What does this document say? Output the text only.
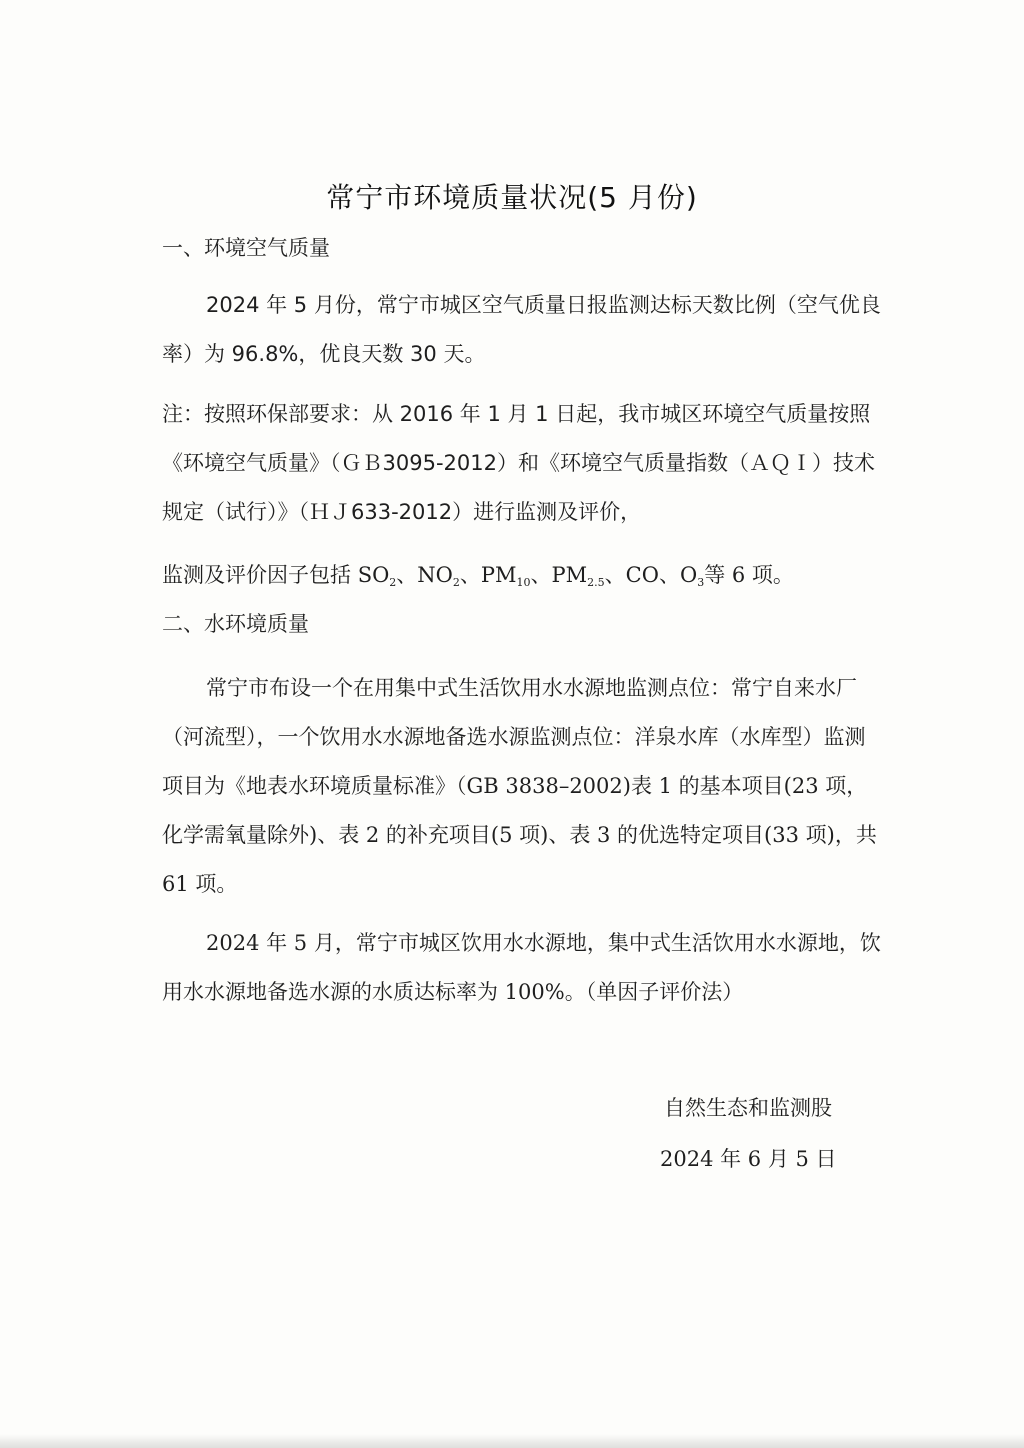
常宁市环境质量状况(5 月份)
一、环境空气质量
2024 年 5 月份，常宁市城区空气质量日报监测达标天数比例（空气优良率）为 96.8%，优良天数 30 天。
注：按照环保部要求：从 2016 年 1 月 1 日起，我市城区环境空气质量按照《环境空气质量》（ＧＢ3095-2012）和《环境空气质量指数（ＡＱＩ）技术规定（试行）》（ＨＪ633-2012）进行监测及评价，
监测及评价因子包括 $SO_2$、$NO_2$、$PM_{10}$、$PM_{2.5}$、CO、$O_3$等 6 项。
二、水环境质量
常宁市布设一个在用集中式生活饮用水水源地监测点位：常宁自来水厂（河流型），一个饮用水水源地备选水源监测点位：洋泉水库（水库型）监测项目为《地表水环境质量标准》（GB 3838–2002)表 1 的基本项目(23 项，化学需氧量除外)、表 2 的补充项目(5 项)、表 3 的优选特定项目(33 项)，共 61 项。
2024 年 5 月，常宁市城区饮用水水源地，集中式生活饮用水水源地，饮用水水源地备选水源的水质达标率为 100%。（单因子评价法）
自然生态和监测股
2024 年 6 月 5 日
